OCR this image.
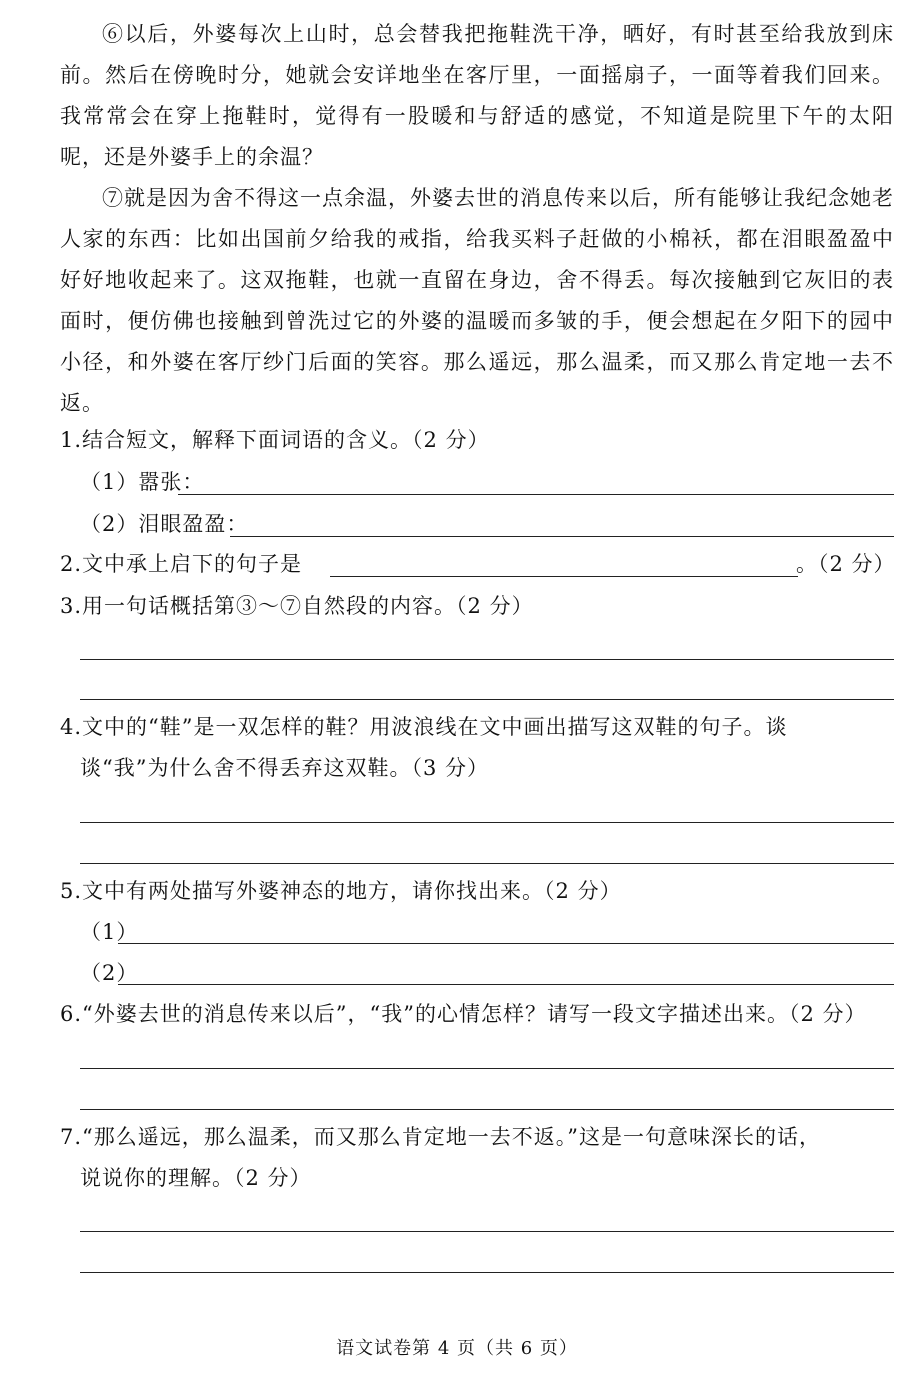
⑥以后，外婆每次上山时，总会替我把拖鞋洗干净，晒好，有时甚至给我放到床前。然后在傍晚时分，她就会安详地坐在客厅里，一面摇扇子，一面等着我们回来。我常常会在穿上拖鞋时，觉得有一股暖和与舒适的感觉，不知道是院里下午的太阳呢，还是外婆手上的余温？

⑦就是因为舍不得这一点余温，外婆去世的消息传来以后，所有能够让我纪念她老人家的东西：比如出国前夕给我的戒指，给我买料子赶做的小棉袄，都在泪眼盈盈中好好地收起来了。这双拖鞋，也就一直留在身边，舍不得丢。每次接触到它灰旧的表面时，便仿佛也接触到曾洗过它的外婆的温暖而多皱的手，便会想起在夕阳下的园中小径，和外婆在客厅纱门后面的笑容。那么遥远，那么温柔，而又那么肯定地一去不返。

1.结合短文，解释下面词语的含义。（2 分）
（1）嚣张：
（2）泪眼盈盈：
2.文中承上启下的句子是	。（2 分）
3.用一句话概括第③～⑦自然段的内容。（2 分）
4.文中的“鞋”是一双怎样的鞋？用波浪线在文中画出描写这双鞋的句子。谈
谈“我”为什么舍不得丢弃这双鞋。（3 分）
5.文中有两处描写外婆神态的地方，请你找出来。（2 分）
（1）
（2）
6.“外婆去世的消息传来以后”，“我”的心情怎样？请写一段文字描述出来。（2 分）
7.“那么遥远，那么温柔，而又那么肯定地一去不返。”这是一句意味深长的话，
说说你的理解。（2 分）
语文试卷第 4 页（共 6 页）
